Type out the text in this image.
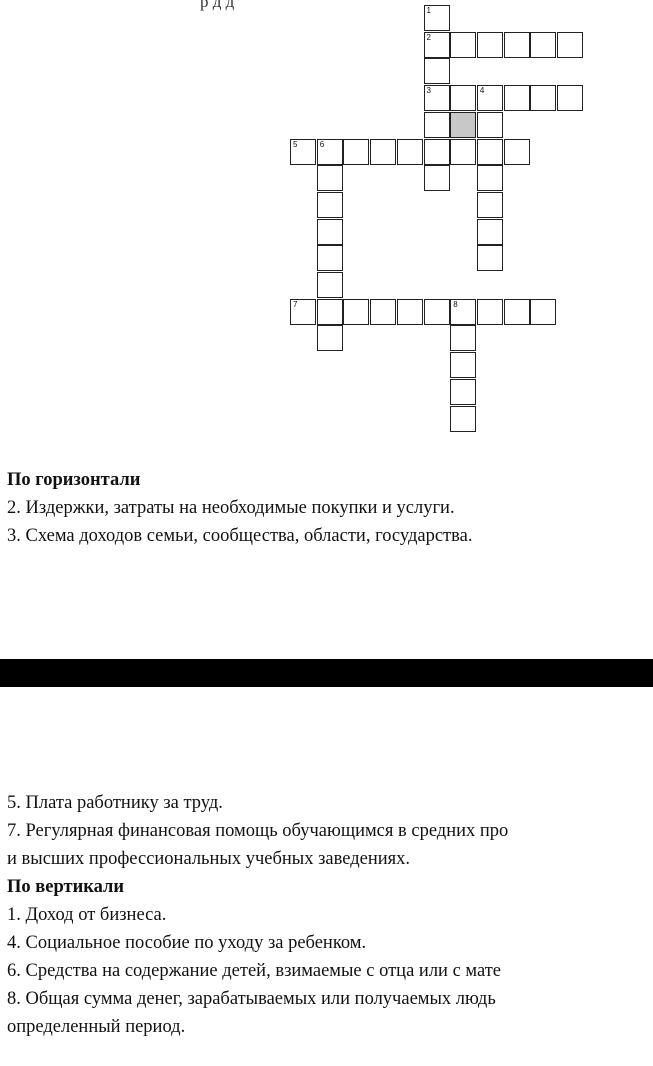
р д д	1
2
3	4
5	6
7	8
По горизонтали
2. Издержки, затраты на необходимые покупки и услуги.
3. Схема доходов семьи, сообщества, области, государства.
5. Плата работнику за труд.
7. Регулярная финансовая помощь обучающимся в средних про
и высших профессиональных учебных заведениях.
По вертикали
1. Доход от бизнеса.
4. Социальное пособие по уходу за ребенком.
6. Средства на содержание детей, взимаемые с отца или с мате
8. Общая сумма денег, зарабатываемых или получаемых людь
определенный период.
